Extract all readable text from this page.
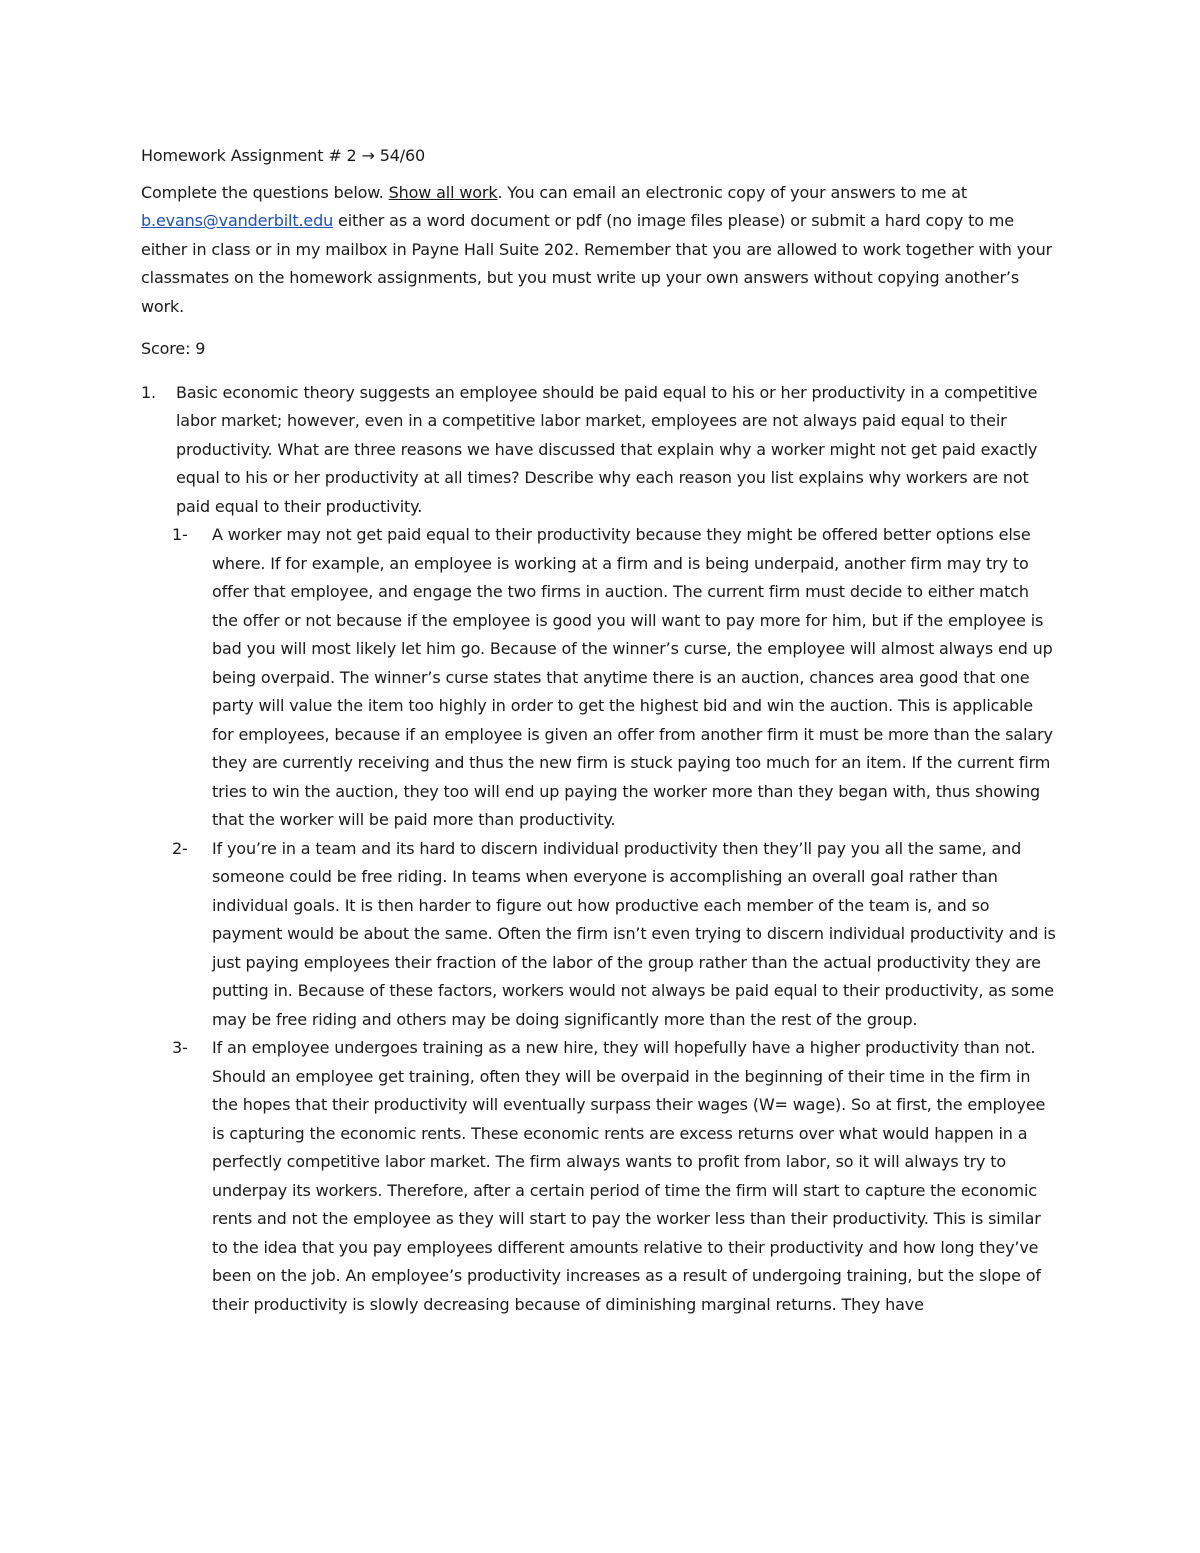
Homework Assignment # 2 → 54/60
Complete the questions below. Show all work. You can email an electronic copy of your answers to me at b.evans@vanderbilt.edu either as a word document or pdf (no image files please) or submit a hard copy to me either in class or in my mailbox in Payne Hall Suite 202. Remember that you are allowed to work together with your classmates on the homework assignments, but you must write up your own answers without copying another’s work.
Score: 9
1. Basic economic theory suggests an employee should be paid equal to his or her productivity in a competitive labor market; however, even in a competitive labor market, employees are not always paid equal to their productivity. What are three reasons we have discussed that explain why a worker might not get paid exactly equal to his or her productivity at all times? Describe why each reason you list explains why workers are not paid equal to their productivity.
1- A worker may not get paid equal to their productivity because they might be offered better options else where. If for example, an employee is working at a firm and is being underpaid, another firm may try to offer that employee, and engage the two firms in auction. The current firm must decide to either match the offer or not because if the employee is good you will want to pay more for him, but if the employee is bad you will most likely let him go. Because of the winner’s curse, the employee will almost always end up being overpaid. The winner’s curse states that anytime there is an auction, chances area good that one party will value the item too highly in order to get the highest bid and win the auction. This is applicable for employees, because if an employee is given an offer from another firm it must be more than the salary they are currently receiving and thus the new firm is stuck paying too much for an item. If the current firm tries to win the auction, they too will end up paying the worker more than they began with, thus showing that the worker will be paid more than productivity.
2- If you’re in a team and its hard to discern individual productivity then they’ll pay you all the same, and someone could be free riding. In teams when everyone is accomplishing an overall goal rather than individual goals. It is then harder to figure out how productive each member of the team is, and so payment would be about the same. Often the firm isn’t even trying to discern individual productivity and is just paying employees their fraction of the labor of the group rather than the actual productivity they are putting in. Because of these factors, workers would not always be paid equal to their productivity, as some may be free riding and others may be doing significantly more than the rest of the group.
3- If an employee undergoes training as a new hire, they will hopefully have a higher productivity than not. Should an employee get training, often they will be overpaid in the beginning of their time in the firm in the hopes that their productivity will eventually surpass their wages (W= wage). So at first, the employee is capturing the economic rents. These economic rents are excess returns over what would happen in a perfectly competitive labor market. The firm always wants to profit from labor, so it will always try to underpay its workers. Therefore, after a certain period of time the firm will start to capture the economic rents and not the employee as they will start to pay the worker less than their productivity. This is similar to the idea that you pay employees different amounts relative to their productivity and how long they’ve been on the job. An employee’s productivity increases as a result of undergoing training, but the slope of their productivity is slowly decreasing because of diminishing marginal returns. They have
